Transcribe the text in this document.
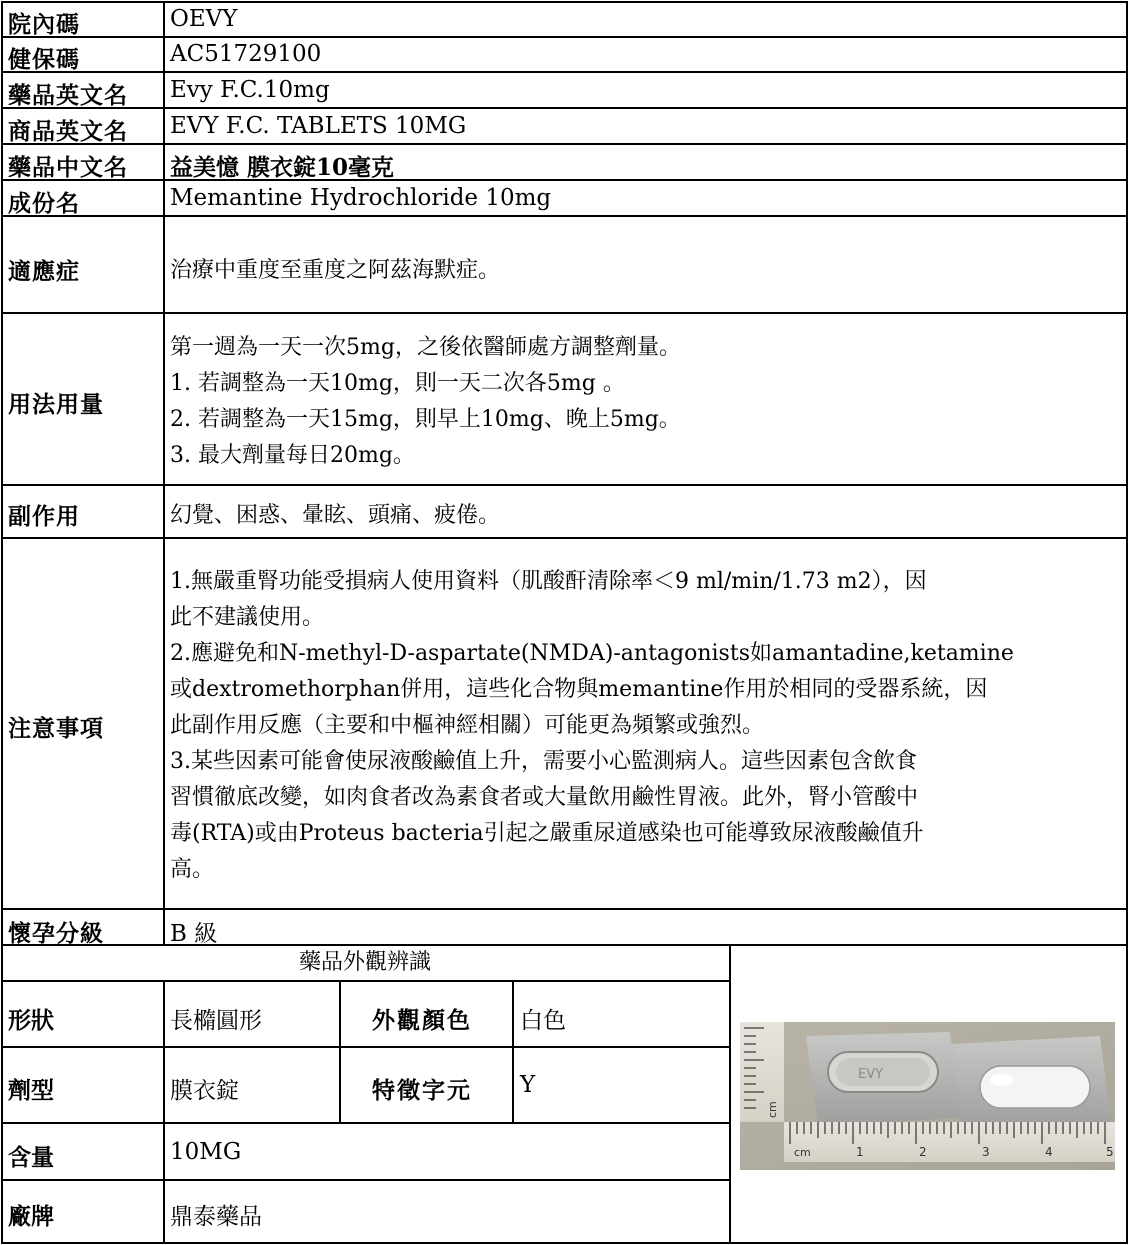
院內碼	OEVY
健保碼	AC51729100
藥品英文名 Evy F.C.10mg
商品英文名 EVY F.C. TABLETS 10MG
藥品中文名 益美憶 膜衣錠10毫克
成份名	Memantine Hydrochloride 10mg
適應症	治療中重度至重度之阿茲海默症。
用法用量
第一週為一天一次5mg，之後依醫師處方調整劑量。
1. 若調整為一天10mg，則一天二次各5mg 。
2. 若調整為一天15mg，則早上10mg、晚上5mg。
3. 最大劑量每日20mg。
副作用	幻覺、困惑、暈眩、頭痛、疲倦。
注意事項
1.無嚴重腎功能受損病人使用資料（肌酸酐清除率＜9 ml/min/1.73 m2），因
此不建議使用。
2.應避免和N-methyl-D-aspartate(NMDA)-antagonists如amantadine,ketamine
或dextromethorphan併用，這些化合物與memantine作用於相同的受器系統，因
此副作用反應（主要和中樞神經相關）可能更為頻繁或強烈。
3.某些因素可能會使尿液酸鹼值上升，需要小心監測病人。這些因素包含飲食
習慣徹底改變，如肉食者改為素食者或大量飲用鹼性胃液。此外，腎小管酸中
毒(RTA)或由Proteus bacteria引起之嚴重尿道感染也可能導致尿液酸鹼值升
高。
懷孕分級	B 級
藥品外觀辨識
形狀	長橢圓形	外觀顏色 白色
劑型	膜衣錠	特徵字元 Y
含量	10MG
廠牌	鼎泰藥品
EVY
cm
cm	1	2	3	4	5
